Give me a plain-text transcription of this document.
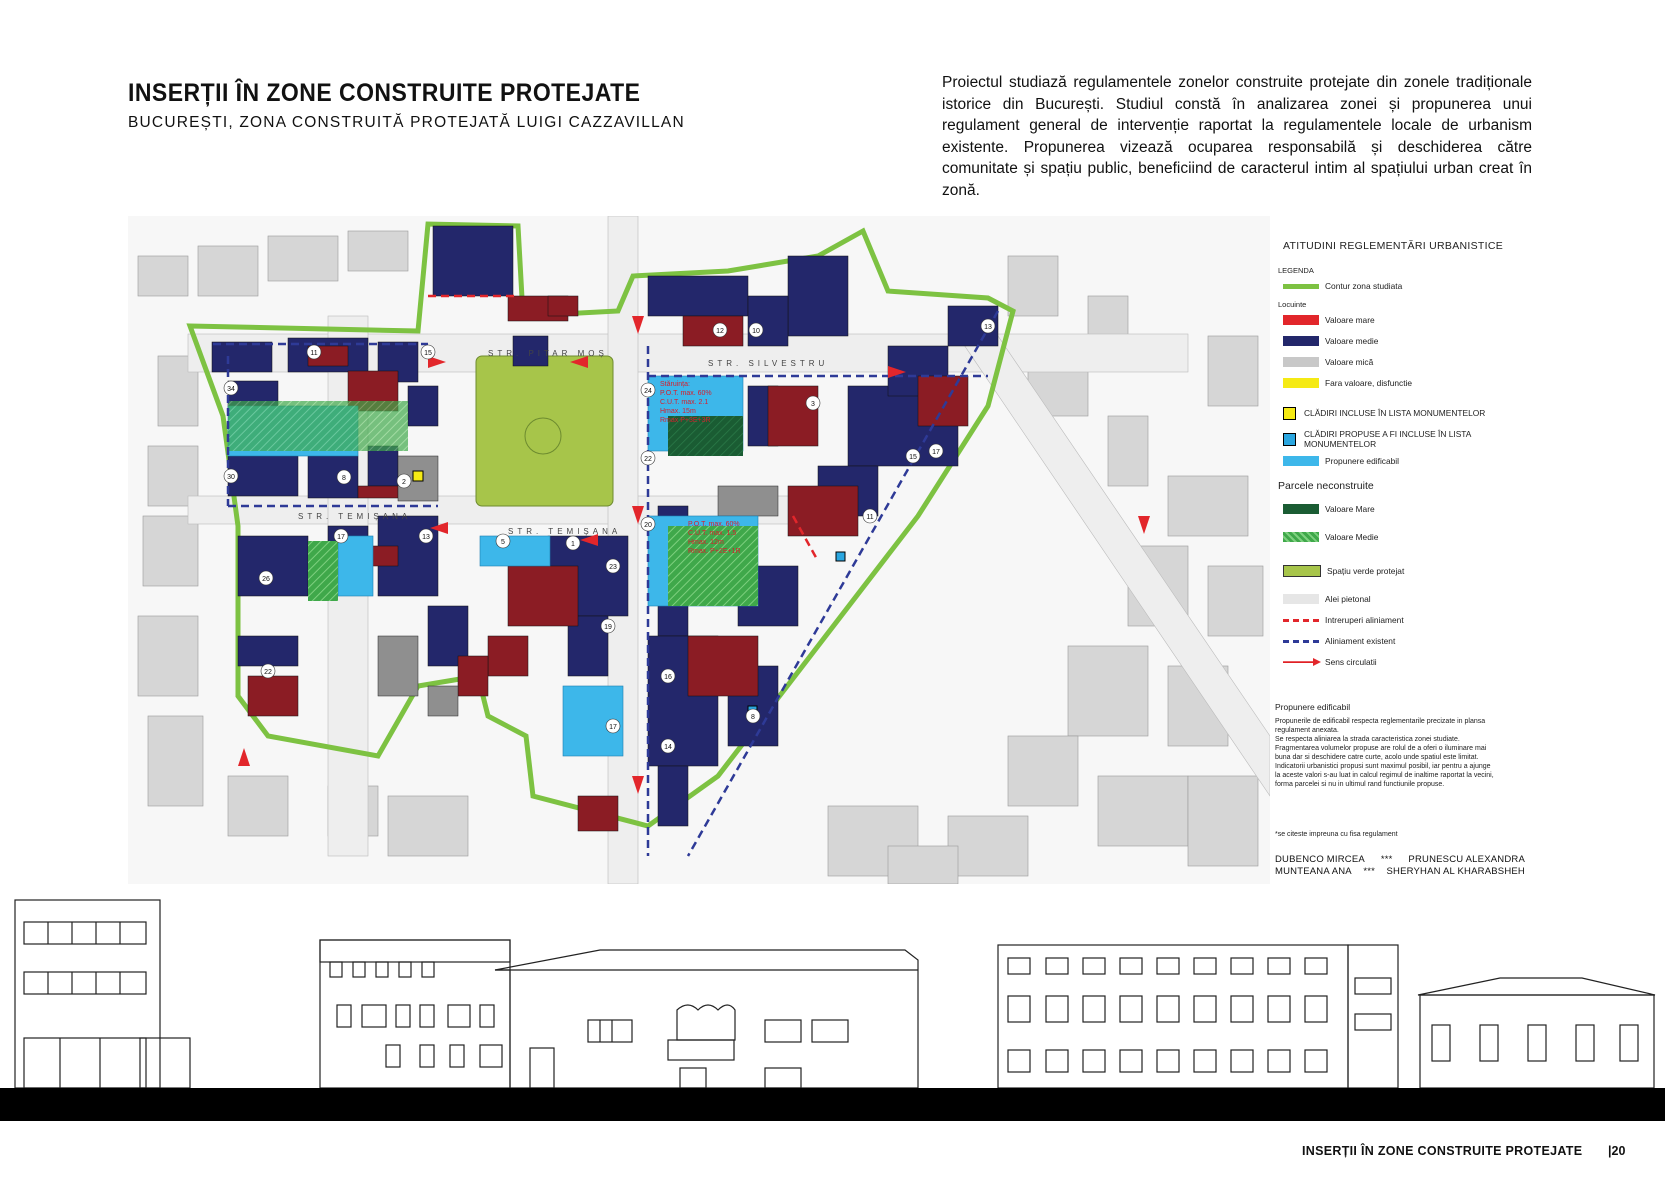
INSERȚII ÎN ZONE CONSTRUITE PROTEJATE
BUCUREȘTI, ZONA CONSTRUITĂ PROTEJATĂ LUIGI CAZZAVILLAN
Proiectul studiază regulamentele zonelor construite protejate din zonele tradiționale istorice din București. Studiul constă în analizarea zonei și propunerea unui regulament general de intervenție raportat la regulamentele locale de urbanism existente. Propunerea vizează ocuparea responsabilă și deschiderea către comunitate și spațiu public, beneficiind de caracterul intim al spațiului urban creat în zonă.
34
30
11	15
24
20
22
3
11
15
17
13
12	10
26
22
16
14
17
19
23
13
17
2
8
5	1
8
Stăruința:
P.O.T. max. 60%
C.U.T. max. 2.1
Hmax. 15m
Rmax P+3E+3R
P.O.T. max. 60%
C.U.T. max. 1.5
Hmax. 12m
Rmax. P+2E+1R
STR. PITAR MOȘ
STR. TEMIȘANA
STR. TEMIȘANA
STR. SILVESTRU
ATITUDINI REGLEMENTĂRI URBANISTICE
LEGENDA
Contur zona studiata
Locuinte
Valoare mare
Valoare medie
Valoare mică
Fara valoare, disfunctie
CLĂDIRI INCLUSE ÎN LISTA MONUMENTELOR
CLĂDIRI PROPUSE A FI INCLUSE ÎN LISTA MONUMENTELOR
Propunere edificabil
Parcele neconstruite
Valoare Mare
Valoare Medie
Spațiu verde protejat
Alei pietonal
Intreruperi aliniament
Aliniament existent
Sens circulatii
Propunere edificabil
Propunerile de edificabil respecta reglementarile precizate in plansa
regulament anexata.
Se respecta aliniarea la strada caracteristica zonei studiate.
Fragmentarea volumelor propuse are rolul de a oferi o iluminare mai
buna dar si deschidere catre curte, acolo unde spatiul este limitat.
Indicatorii urbanistici propusi sunt maximul posibil, iar pentru a ajunge
la aceste valori s-au luat in calcul regimul de inaltime raportat la vecini,
forma parcelei si nu in ultimul rand functiunile propuse.
*se citeste impreuna cu fisa regulament
DUBENCO MIRCEA *** PRUNESCU ALEXANDRA
MUNTEANA ANA *** SHERYHAN AL KHARABSHEH
INSERȚII ÎN ZONE CONSTRUITE PROTEJATE |20
